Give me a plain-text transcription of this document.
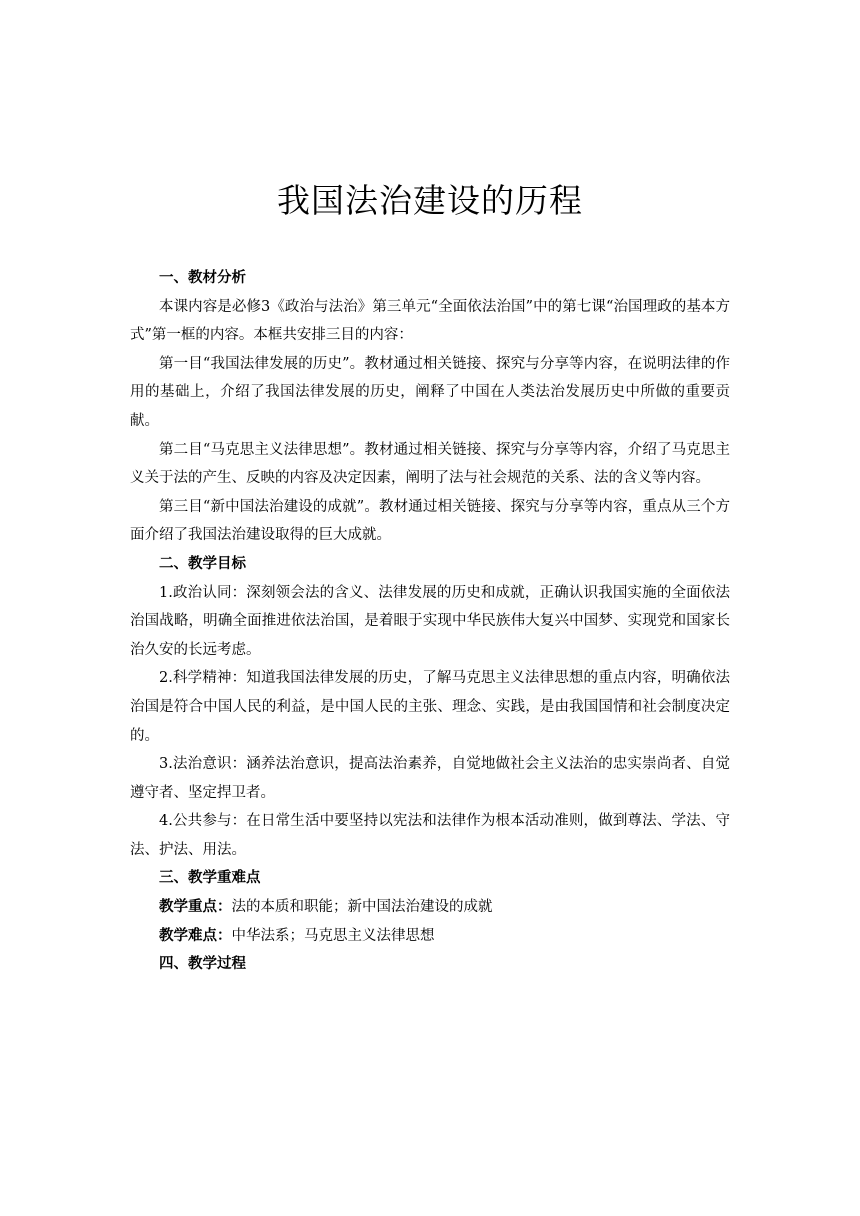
我国法治建设的历程

一、教材分析

本课内容是必修3《政治与法治》第三单元“全面依法治国”中的第七课“治国理政的基本方式”第一框的内容。本框共安排三目的内容：

第一目“我国法律发展的历史”。教材通过相关链接、探究与分享等内容，在说明法律的作用的基础上，介绍了我国法律发展的历史，阐释了中国在人类法治发展历史中所做的重要贡献。

第二目“马克思主义法律思想”。教材通过相关链接、探究与分享等内容，介绍了马克思主义关于法的产生、反映的内容及决定因素，阐明了法与社会规范的关系、法的含义等内容。

第三目“新中国法治建设的成就”。教材通过相关链接、探究与分享等内容，重点从三个方面介绍了我国法治建设取得的巨大成就。

二、教学目标

1.政治认同：深刻领会法的含义、法律发展的历史和成就，正确认识我国实施的全面依法治国战略，明确全面推进依法治国，是着眼于实现中华民族伟大复兴中国梦、实现党和国家长治久安的长远考虑。

2.科学精神：知道我国法律发展的历史，了解马克思主义法律思想的重点内容，明确依法治国是符合中国人民的利益，是中国人民的主张、理念、实践，是由我国国情和社会制度决定的。

3.法治意识：涵养法治意识，提高法治素养，自觉地做社会主义法治的忠实崇尚者、自觉遵守者、坚定捍卫者。

4.公共参与：在日常生活中要坚持以宪法和法律作为根本活动准则，做到尊法、学法、守法、护法、用法。

三、教学重难点

教学重点：法的本质和职能；新中国法治建设的成就

教学难点：中华法系；马克思主义法律思想

四、教学过程
